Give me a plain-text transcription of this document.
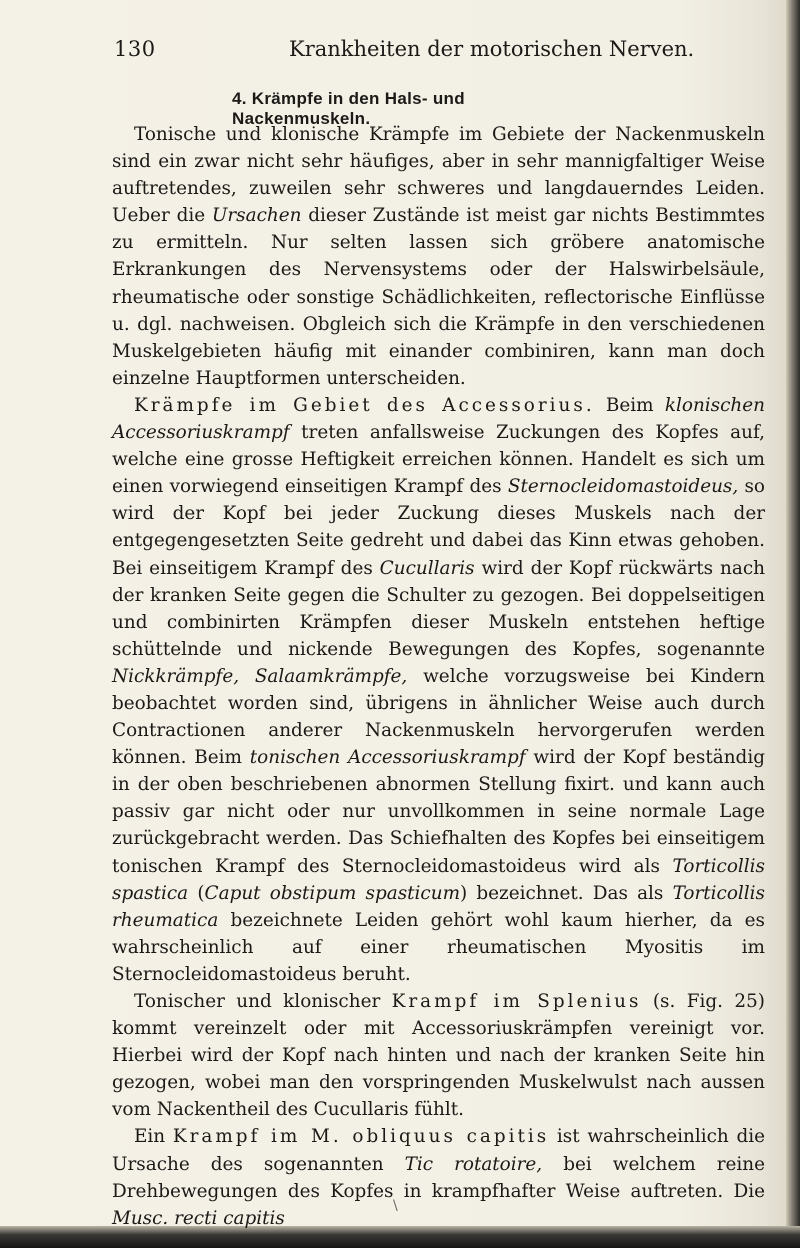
130	Krankheiten der motorischen Nerven.
4. Krämpfe in den Hals- und Nackenmuskeln.

Tonische und klonische Krämpfe im Gebiete der Nackenmuskeln sind ein zwar nicht sehr häufiges, aber in sehr mannigfaltiger Weise auftretendes, zuweilen sehr schweres und langdauerndes Leiden. Ueber die Ursachen dieser Zustände ist meist gar nichts Bestimmtes zu ermitteln. Nur selten lassen sich gröbere anatomische Erkrankungen des Nervensystems oder der Halswirbelsäule, rheumatische oder sonstige Schädlichkeiten, reflectorische Einflüsse u. dgl. nachweisen. Obgleich sich die Krämpfe in den verschiedenen Muskelgebieten häufig mit einander combiniren, kann man doch einzelne Hauptformen unterscheiden.

Krämpfe im Gebiet des Accessorius. Beim klonischen Accessoriuskrampf treten anfallsweise Zuckungen des Kopfes auf, welche eine grosse Heftigkeit erreichen können. Handelt es sich um einen vorwiegend einseitigen Krampf des Sternocleidomastoideus, so wird der Kopf bei jeder Zuckung dieses Muskels nach der entgegengesetzten Seite gedreht und dabei das Kinn etwas gehoben. Bei einseitigem Krampf des Cucullaris wird der Kopf rückwärts nach der kranken Seite gegen die Schulter zu gezogen. Bei doppelseitigen und combinirten Krämpfen dieser Muskeln entstehen heftige schüttelnde und nickende Bewegungen des Kopfes, sogenannte Nickkrämpfe, Salaamkrämpfe, welche vorzugsweise bei Kindern beobachtet worden sind, übrigens in ähnlicher Weise auch durch Contractionen anderer Nackenmuskeln hervorgerufen werden können. Beim tonischen Accessoriuskrampf wird der Kopf beständig in der oben beschriebenen abnormen Stellung fixirt. und kann auch passiv gar nicht oder nur unvollkommen in seine normale Lage zurückgebracht werden. Das Schiefhalten des Kopfes bei einseitigem tonischen Krampf des Sternocleidomastoideus wird als Torticollis spastica (Caput obstipum spasticum) bezeichnet. Das als Torticollis rheumatica bezeichnete Leiden gehört wohl kaum hierher, da es wahrscheinlich auf einer rheumatischen Myositis im Sternocleidomastoideus beruht.

Tonischer und klonischer Krampf im Splenius (s. Fig. 25) kommt vereinzelt oder mit Accessoriuskrämpfen vereinigt vor. Hierbei wird der Kopf nach hinten und nach der kranken Seite hin gezogen, wobei man den vorspringenden Muskelwulst nach aussen vom Nackentheil des Cucullaris fühlt.

Ein Krampf im M. obliquus capitis ist wahrscheinlich die Ursache des sogenannten Tic rotatoire, bei welchem reine Drehbewegungen des Kopfes in krampfhafter Weise auftreten. Die Musc. recti capitis

\
